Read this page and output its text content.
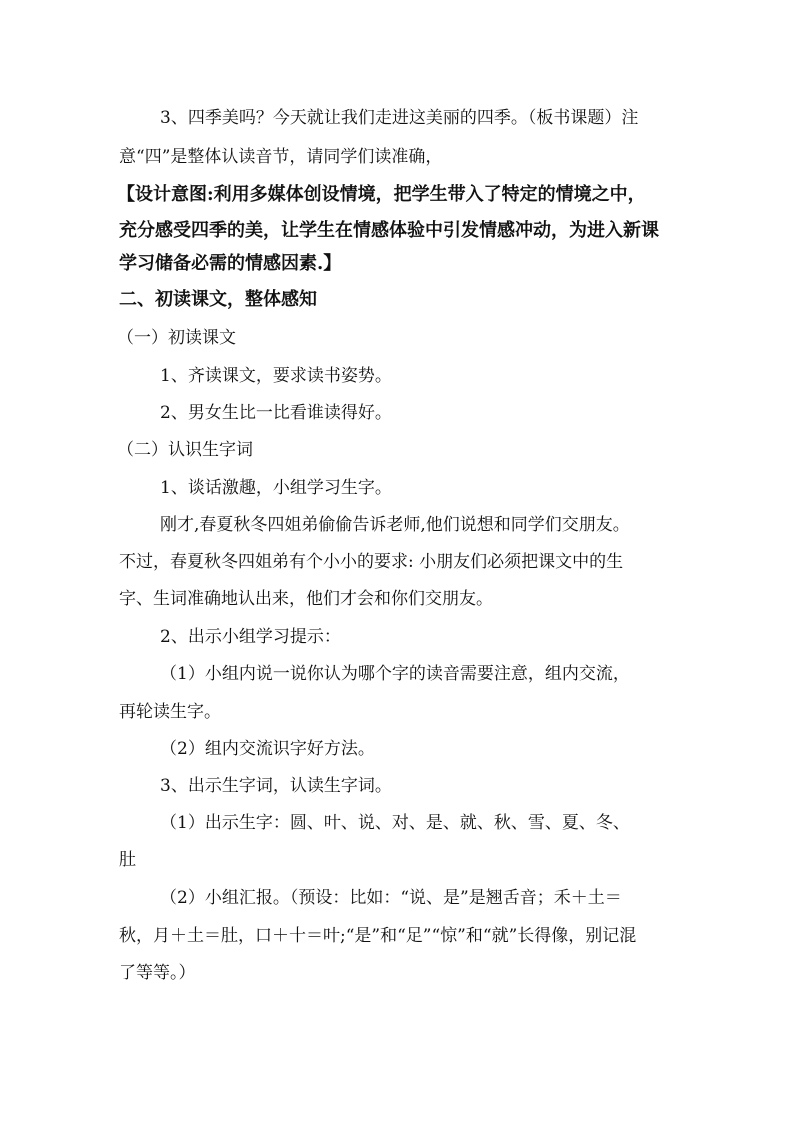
3、四季美吗？今天就让我们走进这美丽的四季。（板书课题）注
意“四”是整体认读音节，请同学们读准确，
【设计意图:利用多媒体创设情境，把学生带入了特定的情境之中，
充分感受四季的美，让学生在情感体验中引发情感冲动，为进入新课
学习储备必需的情感因素.】
二、初读课文，整体感知
（一）初读课文
1、齐读课文，要求读书姿势。
2、男女生比一比看谁读得好。
（二）认识生字词
1、谈话激趣，小组学习生字。
刚才,春夏秋冬四姐弟偷偷告诉老师,他们说想和同学们交朋友。
不过，春夏秋冬四姐弟有个小小的要求: 小朋友们必须把课文中的生
字、生词准确地认出来，他们才会和你们交朋友。
2、出示小组学习提示：
（1）小组内说一说你认为哪个字的读音需要注意，组内交流，
再轮读生字。
（2）组内交流识字好方法。
3、出示生字词，认读生字词。
（1）出示生字：圆、叶、说、对、是、就、秋、雪、夏、冬、
肚
（2）小组汇报。（预设：比如：“说、是”是翘舌音；禾＋土＝
秋，月＋土＝肚，口＋十＝叶;“是”和“足”“惊”和“就”长得像，别记混
了等等。）
